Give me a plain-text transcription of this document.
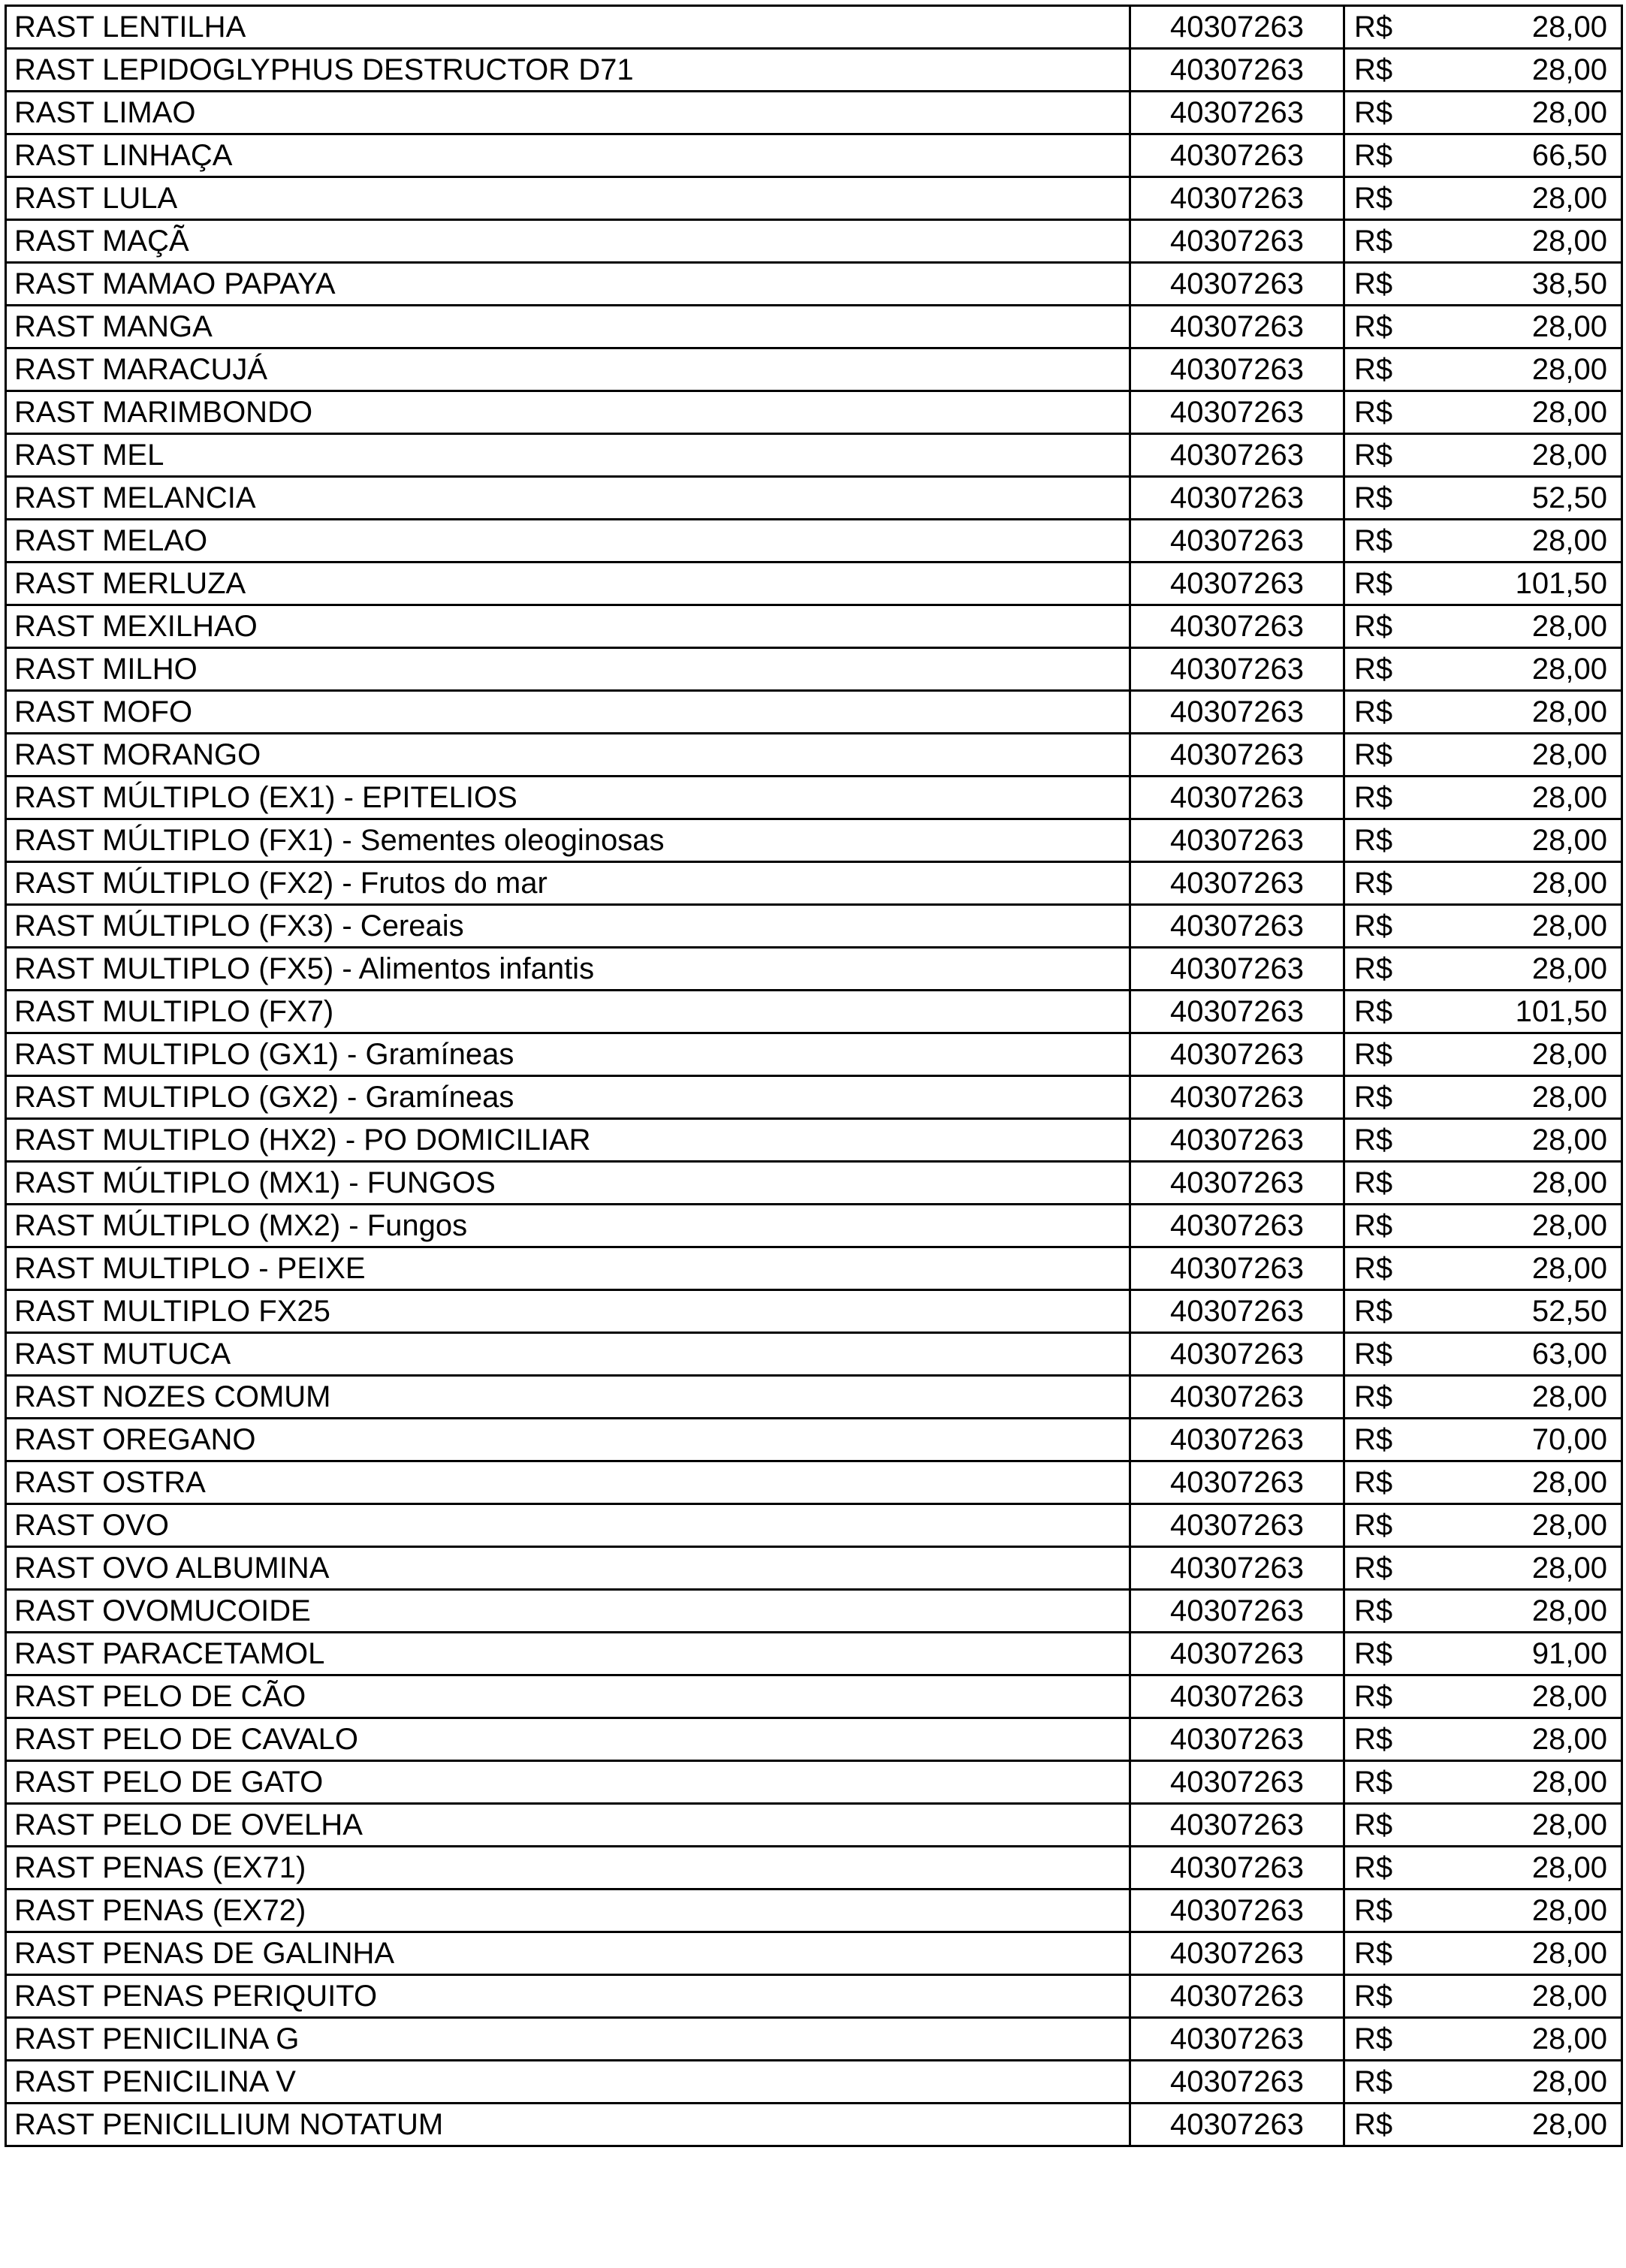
RAST LENTILHA	40307263	R$	28,00
RAST LEPIDOGLYPHUS DESTRUCTOR D71	40307263	R$	28,00
RAST LIMAO	40307263	R$	28,00
RAST LINHAÇA	40307263	R$	66,50
RAST LULA	40307263	R$	28,00
RAST MAÇÃ	40307263	R$	28,00
RAST MAMAO PAPAYA	40307263	R$	38,50
RAST MANGA	40307263	R$	28,00
RAST MARACUJÁ	40307263	R$	28,00
RAST MARIMBONDO	40307263	R$	28,00
RAST MEL	40307263	R$	28,00
RAST MELANCIA	40307263	R$	52,50
RAST MELAO	40307263	R$	28,00
RAST MERLUZA	40307263	R$	101,50
RAST MEXILHAO	40307263	R$	28,00
RAST MILHO	40307263	R$	28,00
RAST MOFO	40307263	R$	28,00
RAST MORANGO	40307263	R$	28,00
RAST MÚLTIPLO (EX1) - EPITELIOS	40307263	R$	28,00
RAST MÚLTIPLO (FX1) - Sementes oleoginosas	40307263	R$	28,00
RAST MÚLTIPLO (FX2) - Frutos do mar	40307263	R$	28,00
RAST MÚLTIPLO (FX3) - Cereais	40307263	R$	28,00
RAST MULTIPLO (FX5) - Alimentos infantis	40307263	R$	28,00
RAST MULTIPLO (FX7)	40307263	R$	101,50
RAST MULTIPLO (GX1) - Gramíneas	40307263	R$	28,00
RAST MULTIPLO (GX2) - Gramíneas	40307263	R$	28,00
RAST MULTIPLO (HX2) - PO DOMICILIAR	40307263	R$	28,00
RAST MÚLTIPLO (MX1) - FUNGOS	40307263	R$	28,00
RAST MÚLTIPLO (MX2) - Fungos	40307263	R$	28,00
RAST MULTIPLO - PEIXE	40307263	R$	28,00
RAST MULTIPLO FX25	40307263	R$	52,50
RAST MUTUCA	40307263	R$	63,00
RAST NOZES COMUM	40307263	R$	28,00
RAST OREGANO	40307263	R$	70,00
RAST OSTRA	40307263	R$	28,00
RAST OVO	40307263	R$	28,00
RAST OVO ALBUMINA	40307263	R$	28,00
RAST OVOMUCOIDE	40307263	R$	28,00
RAST PARACETAMOL	40307263	R$	91,00
RAST PELO DE CÃO	40307263	R$	28,00
RAST PELO DE CAVALO	40307263	R$	28,00
RAST PELO DE GATO	40307263	R$	28,00
RAST PELO DE OVELHA	40307263	R$	28,00
RAST PENAS (EX71)	40307263	R$	28,00
RAST PENAS (EX72)	40307263	R$	28,00
RAST PENAS DE GALINHA	40307263	R$	28,00
RAST PENAS PERIQUITO	40307263	R$	28,00
RAST PENICILINA G	40307263	R$	28,00
RAST PENICILINA V	40307263	R$	28,00
RAST PENICILLIUM NOTATUM	40307263	R$	28,00
